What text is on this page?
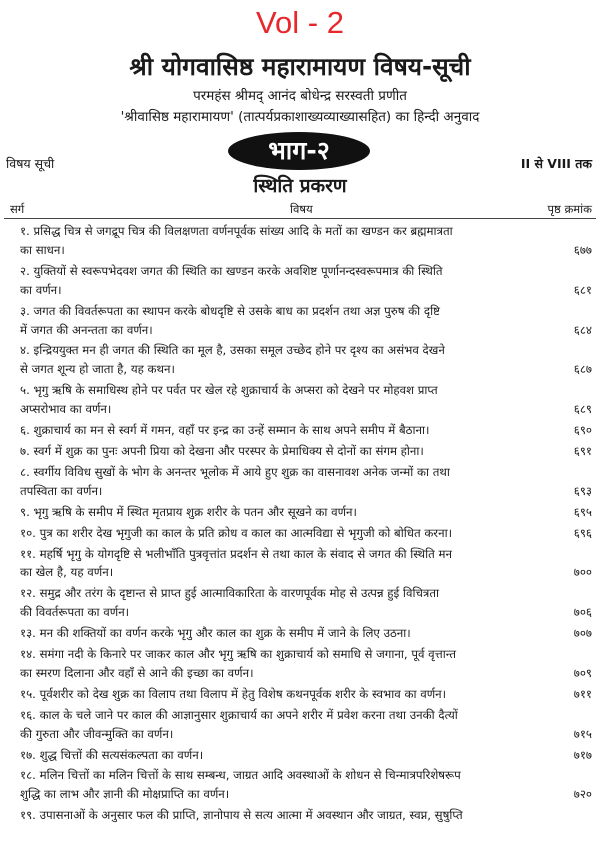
Vol - 2
श्री योगवासिष्ठ महारामायण विषय-सूची
परमहंस श्रीमद् आनंद बोधेन्द्र सरस्वती प्रणीत
'श्रीवासिष्ठ महारामायण' (तात्पर्यप्रकाशाख्यव्याख्यासहित) का हिन्दी अनुवाद
भाग-२
विषय सूची	II से VIII तक
स्थिति प्रकरण
सर्ग	विषय	पृष्ठ क्रमांक
१. प्रसिद्ध चित्र से जगद्रूप चित्र की विलक्षणता वर्णनपूर्वक सांख्य आदि के मतों का खण्डन कर ब्रह्ममात्रता
का साधन।	६७७
२. युक्तियों से स्वरूपभेदवश जगत की स्थिति का खण्डन करके अवशिष्ट पूर्णानन्दस्वरूपमात्र की स्थिति
का वर्णन।	६८१
३. जगत की विवर्तरूपता का स्थापन करके बोधदृष्टि से उसके बाध का प्रदर्शन तथा अज्ञ पुरुष की दृष्टि
में जगत की अनन्तता का वर्णन।	६८४
४. इन्द्रिययुक्त मन ही जगत की स्थिति का मूल है, उसका समूल उच्छेद होने पर दृश्य का असंभव देखने
से जगत शून्य हो जाता है, यह कथन।	६८७
५. भृगु ऋषि के समाधिस्थ होने पर पर्वत पर खेल रहे शुक्राचार्य के अप्सरा को देखने पर मोहवश प्राप्त
अप्सरोभाव का वर्णन।	६८९
६. शुक्राचार्य का मन से स्वर्ग में गमन, वहाँ पर इन्द्र का उन्हें सम्मान के साथ अपने समीप में बैठाना।	६९०
७. स्वर्ग में शुक्र का पुनः अपनी प्रिया को देखना और परस्पर के प्रेमाधिक्य से दोनों का संगम होना।	६९१
८. स्वर्गीय विविध सुखों के भोग के अनन्तर भूलोक में आये हुए शुक्र का वासनावश अनेक जन्मों का तथा
तपस्विता का वर्णन।	६९३
९. भृगु ऋषि के समीप में स्थित मृतप्राय शुक्र शरीर के पतन और सूखने का वर्णन।	६९५
१०. पुत्र का शरीर देख भृगुजी का काल के प्रति क्रोध व काल का आत्मविद्या से भृगुजी को बोधित करना।	६९६
११. महर्षि भृगु के योगदृष्टि से भलीभाँति पुत्रवृत्तांत प्रदर्शन से तथा काल के संवाद से जगत की स्थिति मन
का खेल है, यह वर्णन।	७००
१२. समुद्र और तरंग के दृष्टान्त से प्राप्त हुई आत्माविकारिता के वारणपूर्वक मोह से उत्पन्न हुई विचित्रता
की विवर्तरूपता का वर्णन।	७०६
१३. मन की शक्तियों का वर्णन करके भृगु और काल का शुक्र के समीप में जाने के लिए उठना।	७०७
१४. समंगा नदी के किनारे पर जाकर काल और भृगु ऋषि का शुक्राचार्य को समाधि से जगाना, पूर्व वृत्तान्त
का स्मरण दिलाना और वहाँ से आने की इच्छा का वर्णन।	७०९
१५. पूर्वशरीर को देख शुक्र का विलाप तथा विलाप में हेतु विशेष कथनपूर्वक शरीर के स्वभाव का वर्णन।	७११
१६. काल के चले जाने पर काल की आज्ञानुसार शुक्राचार्य का अपने शरीर में प्रवेश करना तथा उनकी दैत्यों
की गुरुता और जीवन्मुक्ति का वर्णन।	७१५
१७. शुद्ध चित्तों की सत्यसंकल्पता का वर्णन।	७१७
१८. मलिन चित्तों का मलिन चित्तों के साथ सम्बन्ध, जाग्रत आदि अवस्थाओं के शोधन से चिन्मात्रपरिशेषरूप
शुद्धि का लाभ और ज्ञानी की मोक्षप्राप्ति का वर्णन।	७२०
१९. उपासनाओं के अनुसार फल की प्राप्ति, ज्ञानोपाय से सत्य आत्मा में अवस्थान और जाग्रत, स्वप्न, सुषुप्ति
